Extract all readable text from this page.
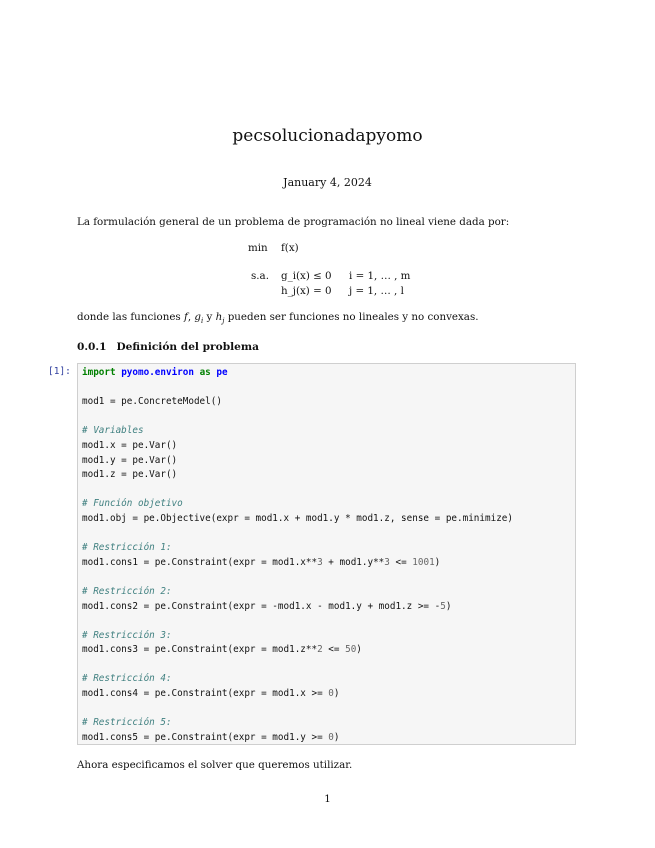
pecsolucionadapyomo
January 4, 2024
La formulación general de un problema de programación no lineal viene dada por:
min f(x)
s.a. g_i(x) ≤ 0 i = 1, … , m
h_j(x) = 0 j = 1, … , l
donde las funciones f, $g_i$ y $h_j$ pueden ser funciones no lineales y no convexas.
0.0.1 Definición del problema
[1]: import pyomo.environ as pe

mod1 = pe.ConcreteModel()

# Variables
mod1.x = pe.Var()
mod1.y = pe.Var()
mod1.z = pe.Var()

# Función objetivo
mod1.obj = pe.Objective(expr = mod1.x + mod1.y * mod1.z, sense = pe.minimize)

# Restricción 1:
mod1.cons1 = pe.Constraint(expr = mod1.x**3 + mod1.y**3 <= 1001)

# Restricción 2:
mod1.cons2 = pe.Constraint(expr = -mod1.x - mod1.y + mod1.z >= -5)

# Restricción 3:
mod1.cons3 = pe.Constraint(expr = mod1.z**2 <= 50)

# Restricción 4:
mod1.cons4 = pe.Constraint(expr = mod1.x >= 0)

# Restricción 5:
mod1.cons5 = pe.Constraint(expr = mod1.y >= 0)
Ahora especificamos el solver que queremos utilizar.
1
